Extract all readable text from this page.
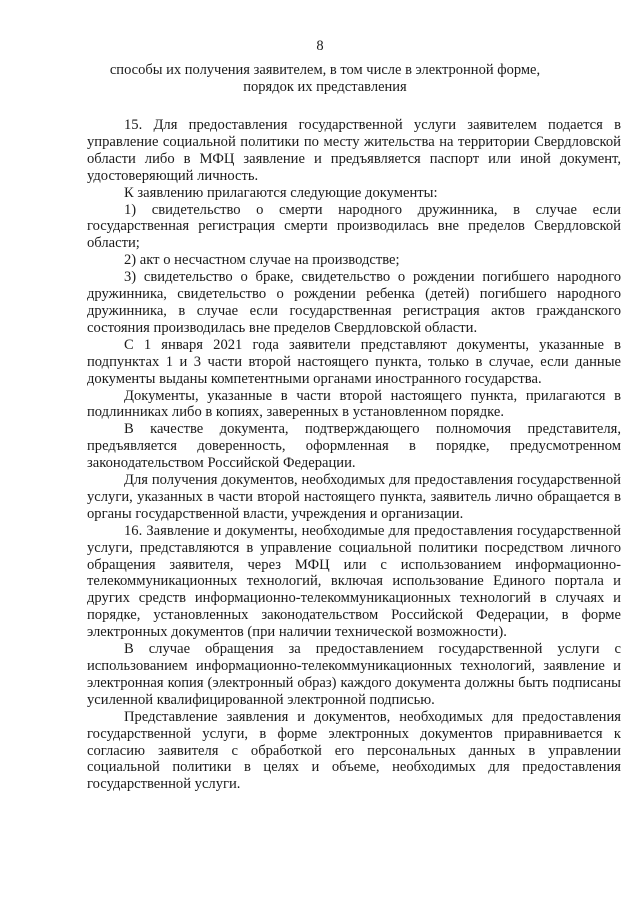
8
способы их получения заявителем, в том числе в электронной форме,
порядок их представления

15. Для предоставления государственной услуги заявителем подается в управление социальной политики по месту жительства на территории Свердловской области либо в МФЦ заявление и предъявляется паспорт или иной документ, удостоверяющий личность.

К заявлению прилагаются следующие документы:

1) свидетельство о смерти народного дружинника, в случае если государственная регистрация смерти производилась вне пределов Свердловской области;

2) акт о несчастном случае на производстве;

3) свидетельство о браке, свидетельство о рождении погибшего народного дружинника, свидетельство о рождении ребенка (детей) погибшего народного дружинника, в случае если государственная регистрация актов гражданского состояния производилась вне пределов Свердловской области.

С 1 января 2021 года заявители представляют документы, указанные в подпунктах 1 и 3 части второй настоящего пункта, только в случае, если данные документы выданы компетентными органами иностранного государства.

Документы, указанные в части второй настоящего пункта, прилагаются в подлинниках либо в копиях, заверенных в установленном порядке.

В качестве документа, подтверждающего полномочия представителя, предъявляется доверенность, оформленная в порядке, предусмотренном законодательством Российской Федерации.

Для получения документов, необходимых для предоставления государственной услуги, указанных в части второй настоящего пункта, заявитель лично обращается в органы государственной власти, учреждения и организации.

16. Заявление и документы, необходимые для предоставления государственной услуги, представляются в управление социальной политики посредством личного обращения заявителя, через МФЦ или с использованием информационно-телекоммуникационных технологий, включая использование Единого портала и других средств информационно-телекоммуникационных технологий в случаях и порядке, установленных законодательством Российской Федерации, в форме электронных документов (при наличии технической возможности).

В случае обращения за предоставлением государственной услуги с использованием информационно-телекоммуникационных технологий, заявление и электронная копия (электронный образ) каждого документа должны быть подписаны усиленной квалифицированной электронной подписью.

Представление заявления и документов, необходимых для предоставления государственной услуги, в форме электронных документов приравнивается к согласию заявителя с обработкой его персональных данных в управлении социальной политики в целях и объеме, необходимых для предоставления государственной услуги.
